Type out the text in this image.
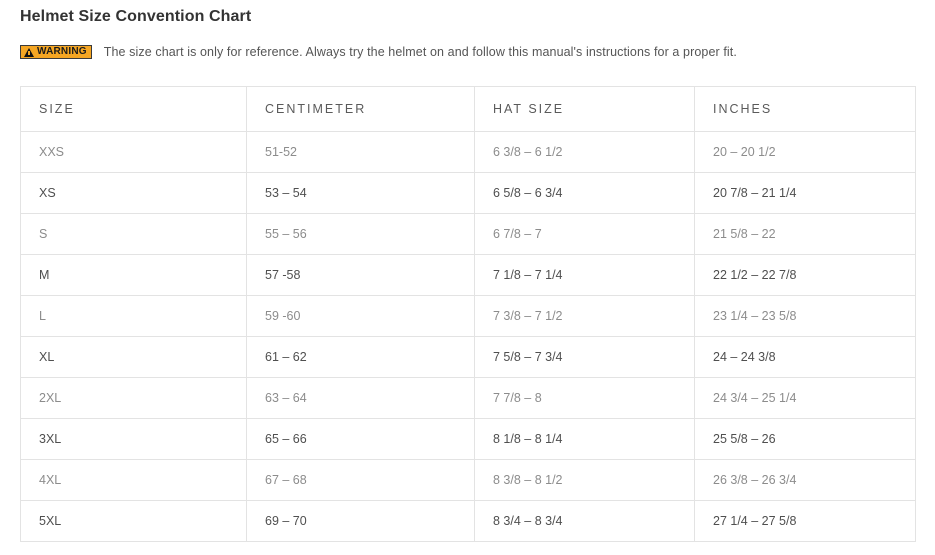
Helmet Size Convention Chart
WARNING The size chart is only for reference. Always try the helmet on and follow this manual's instructions for a proper fit.
SIZE	CENTIMETER	HAT SIZE	INCHES
XXS	51-52	6 3/8 – 6 1/2	20 – 20 1/2
XS	53 – 54	6 5/8 – 6 3/4	20 7/8 – 21 1/4
S	55 – 56	6 7/8 – 7	21 5/8 – 22
M	57 -58	7 1/8 – 7 1/4	22 1/2 – 22 7/8
L	59 -60	7 3/8 – 7 1/2	23 1/4 – 23 5/8
XL	61 – 62	7 5/8 – 7 3/4	24 – 24 3/8
2XL	63 – 64	7 7/8 – 8	24 3/4 – 25 1/4
3XL	65 – 66	8 1/8 – 8 1/4	25 5/8 – 26
4XL	67 – 68	8 3/8 – 8 1/2	26 3/8 – 26 3/4
5XL	69 – 70	8 3/4 – 8 3/4	27 1/4 – 27 5/8
